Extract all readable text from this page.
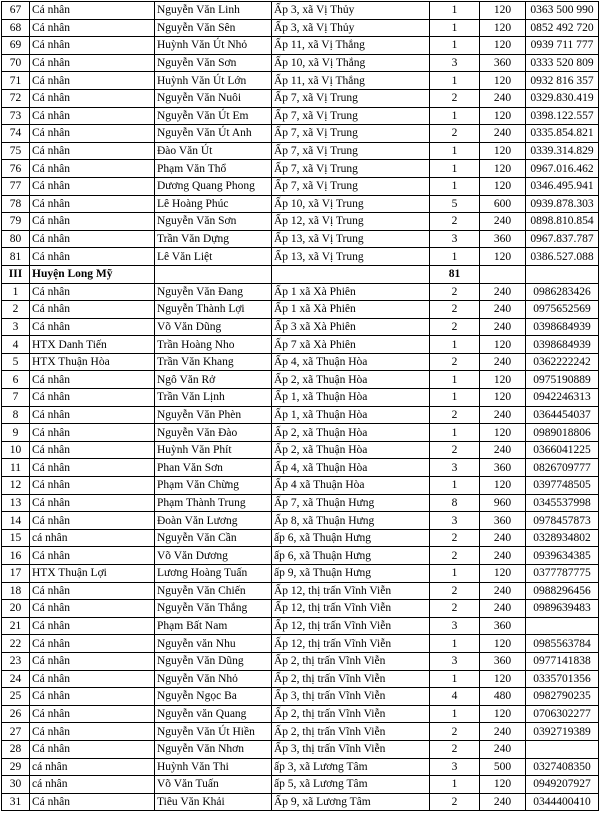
67	Cá nhân	Nguyễn Văn Linh	Ấp 3, xã Vị Thủy	1	120	0363 500 990
68	Cá nhân	Nguyễn Văn Sên	Ấp 3, xã Vị Thủy	1	120	0852 492 720
69	Cá nhân	Huỳnh Văn Út Nhỏ	Ấp 11, xã Vị Thắng	1	120	0939 711 777
70	Cá nhân	Nguyễn Văn Sơn	Ấp 10, xã Vị Thắng	3	360	0333 520 809
71	Cá nhân	Huỳnh Văn Út Lớn	Ấp 11, xã Vị Thắng	1	120	0932 816 357
72	Cá nhân	Nguyễn Văn Nuôi	Ấp 7, xã Vị Trung	2	240	0329.830.419
73	Cá nhân	Nguyễn Văn Út Em	Ấp 7, xã Vị Trung	1	120	0398.122.557
74	Cá nhân	Nguyễn Văn Út Anh	Ấp 7, xã Vị Trung	2	240	0335.854.821
75	Cá nhân	Đào Văn Út	Ấp 7, xã Vị Trung	1	120	0339.314.829
76	Cá nhân	Phạm Văn Thổ	Ấp 7, xã Vị Trung	1	120	0967.016.462
77	Cá nhân	Dương Quang Phong	Ấp 7, xã Vị Trung	1	120	0346.495.941
78	Cá nhân	Lê Hoàng Phúc	Ấp 10, xã Vị Trung	5	600	0939.878.303
79	Cá nhân	Nguyễn Văn Sơn	Ấp 12, xã Vị Trung	2	240	0898.810.854
80	Cá nhân	Trần Văn Dựng	Ấp 13, xã Vị Trung	3	360	0967.837.787
81	Cá nhân	Lê Văn Liệt	Ấp 13, xã Vị Trung	1	120	0386.527.088
III	Huyện Long Mỹ			81		
1	Cá nhân	Nguyễn Văn Đang	Ấp 1 xã Xà Phiên	2	240	0986283426
2	Cá nhân	Nguyễn Thành Lợi	Ấp 1 xã Xà Phiên	2	240	0975652569
3	Cá nhân	Võ Văn Dũng	Ấp 3 xã Xà Phiên	2	240	0398684939
4	HTX Danh Tiến	Trần Hoàng Nho	Ấp 7 xã Xà Phiên	1	120	0398684939
5	HTX Thuận Hòa	Trần Văn Khang	Ấp 4, xã Thuận Hòa	2	240	0362222242
6	Cá nhân	Ngô Văn Rở	Ấp 2, xã Thuận Hòa	1	120	0975190889
7	Cá nhân	Trần Văn Lịnh	Ấp 1, xã Thuận Hòa	1	120	0942246313
8	Cá nhân	Nguyễn Văn Phèn	Ấp 1, xã Thuận Hòa	2	240	0364454037
9	Cá nhân	Nguyễn Văn Đào	Ấp 2, xã Thuận Hòa	1	120	0989018806
10	Cá nhân	Huỳnh Văn Phít	Ấp 2, xã Thuận Hòa	2	240	0366041225
11	Cá nhân	Phan Văn Sơn	Ấp 4, xã Thuận Hòa	3	360	0826709777
12	Cá nhân	Phạm Văn Chừng	Ấp 4 xã Thuận Hòa	1	120	0397748505
13	Cá nhân	Phạm Thành Trung	Ấp 7, xã Thuận Hưng	8	960	0345537998
14	Cá nhân	Đoàn Văn Lương	Ấp 8, xã Thuận Hưng	3	360	0978457873
15	cá nhân	Nguyễn Văn Cần	ấp 6, xã Thuận Hưng	2	240	0328934802
16	Cá nhân	Võ Văn Dương	ấp 6, xã Thuận Hưng	2	240	0939634385
17	HTX Thuận Lợi	Lương Hoàng Tuấn	ấp 9, xã Thuận Hưng	1	120	0377787775
18	Cá nhân	Nguyễn Văn Chiến	Ấp 12, thị trấn Vĩnh Viễn	2	240	0988296456
20	Cá nhân	Nguyễn Văn Thắng	Ấp 12, thị trấn Vĩnh Viễn	2	240	0989639483
21	Cá nhân	Phạm Bất Nam	Ấp 12, thị trấn Vĩnh Viễn	3	360	
22	Cá nhân	Nguyễn văn Nhu	Ấp 12, thị trấn Vĩnh Viễn	1	120	0985563784
23	Cá nhân	Nguyễn Văn Dũng	Ấp 2, thị trấn Vĩnh Viễn	3	360	0977141838
24	Cá nhân	Nguyễn Văn Nhỏ	Ấp 2, thị trấn Vĩnh Viễn	1	120	0335701356
25	Cá nhân	Nguyễn Ngọc Ba	Ấp 3, thị trấn Vĩnh Viễn	4	480	0982790235
26	Cá nhân	Nguyễn văn Quang	Ấp 2, thị trấn Vĩnh Viễn	1	120	0706302277
27	Cá nhân	Nguyễn Văn Út Hiền	Ấp 2, thị trấn Vĩnh Viễn	2	240	0392719389
28	Cá nhân	Nguyễn Văn Nhơn	Ấp 3, thị trấn Vĩnh Viễn	2	240	
29	cá nhân	Huỳnh Văn Thi	ấp 3, xã Lương Tâm	3	500	0327408350
30	cá nhân	Võ Văn Tuấn	ấp 5, xã Lương Tâm	1	120	0949207927
31	Cá nhân	Tiêu Văn Khải	Ấp 9, xã Lương Tâm	2	240	0344400410
